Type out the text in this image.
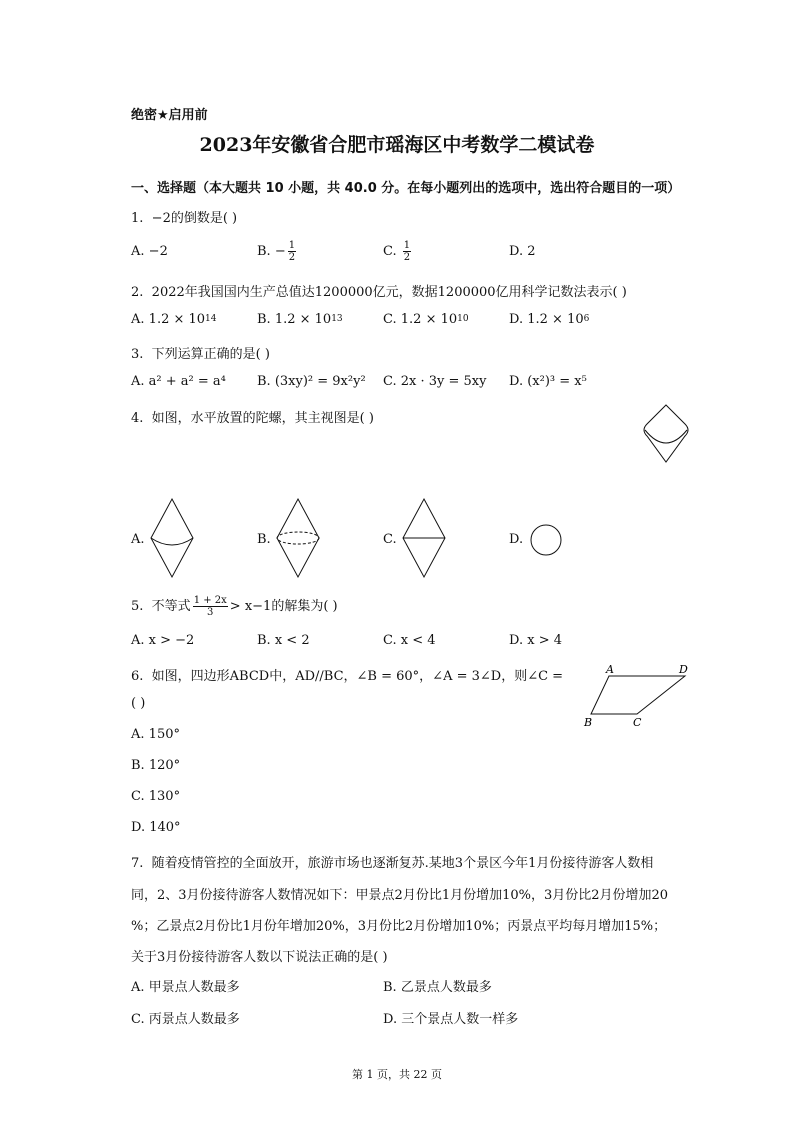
绝密★启用前
2023年安徽省合肥市瑶海区中考数学二模试卷
一、选择题（本大题共 10 小题，共 40.0 分。在每小题列出的选项中，选出符合题目的一项）
1. −2的倒数是( )
A. −2	B. − $\frac{1}{2}$	C. $\frac{1}{2}$	D. 2
2. 2022年我国国内生产总值达1200000亿元，数据1200000亿用科学记数法表示( )
A. $1.2 \times 10^{14}$	B. $1.2 \times 10^{13}$	C. $1.2 \times 10^{10}$	D. $1.2 \times 10^6$
3. 下列运算正确的是( )
A. a² + a² = a⁴ B. (3xy)² = 9x²y² C. 2x · 3y = 5xy D. (x²)³ = x⁵
4. 如图，水平放置的陀螺，其主视图是( )
A.	B.	C.	D.
5. 不等式 $\frac{1 + 2x}{3} > x-1$的解集为( )
A. x > −2	B. x < 2	C. x < 4	D. x > 4
6. 如图，四边形ABCD中，AD//BC，∠B = 60°，∠A = 3∠D，则∠C =
( )
A	D
B	C
A. 150°
B. 120°
C. 130°
D. 140°
7. 随着疫情管控的全面放开，旅游市场也逐渐复苏.某地3个景区今年1月份接待游客人数相
同，2、3月份接待游客人数情况如下：甲景点2月份比1月份增加10%，3月份比2月份增加20
%；乙景点2月份比1月份年增加20%，3月份比2月份增加10%；丙景点平均每月增加15%；
关于3月份接待游客人数以下说法正确的是( )
A. 甲景点人数最多	B. 乙景点人数最多
C. 丙景点人数最多	D. 三个景点人数一样多
第 1 页，共 22 页
